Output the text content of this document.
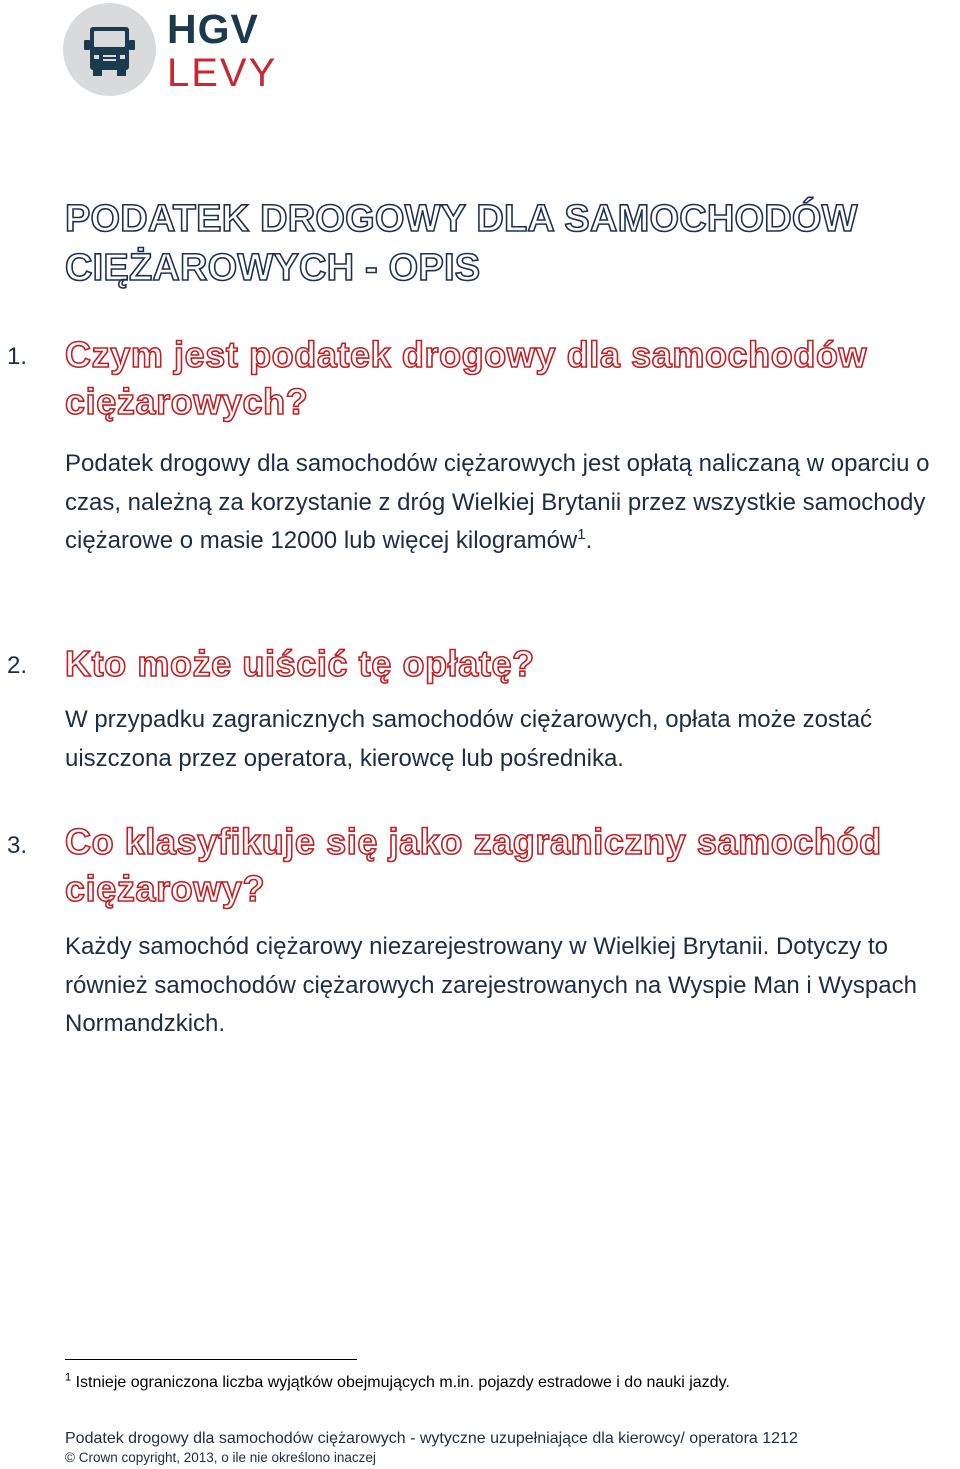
HGV
LEVY
PODATEK DROGOWY DLA SAMOCHODÓW CIĘŻAROWYCH - OPIS
1. Czym jest podatek drogowy dla samochodów ciężarowych?

Podatek drogowy dla samochodów ciężarowych jest opłatą naliczaną w oparciu o czas, należną za korzystanie z dróg Wielkiej Brytanii przez wszystkie samochody ciężarowe o masie 12000 lub więcej kilogramów$^1$.

2. Kto może uiścić tę opłatę?

W przypadku zagranicznych samochodów ciężarowych, opłata może zostać uiszczona przez operatora, kierowcę lub pośrednika.

3. Co klasyfikuje się jako zagraniczny samochód ciężarowy?

Każdy samochód ciężarowy niezarejestrowany w Wielkiej Brytanii. Dotyczy to również samochodów ciężarowych zarejestrowanych na Wyspie Man i Wyspach Normandzkich.

$^1$ Istnieje ograniczona liczba wyjątków obejmujących m.in. pojazdy estradowe i do nauki jazdy.

Podatek drogowy dla samochodów ciężarowych - wytyczne uzupełniające dla kierowcy/ operatora 1212

© Crown copyright, 2013, o ile nie określono inaczej
